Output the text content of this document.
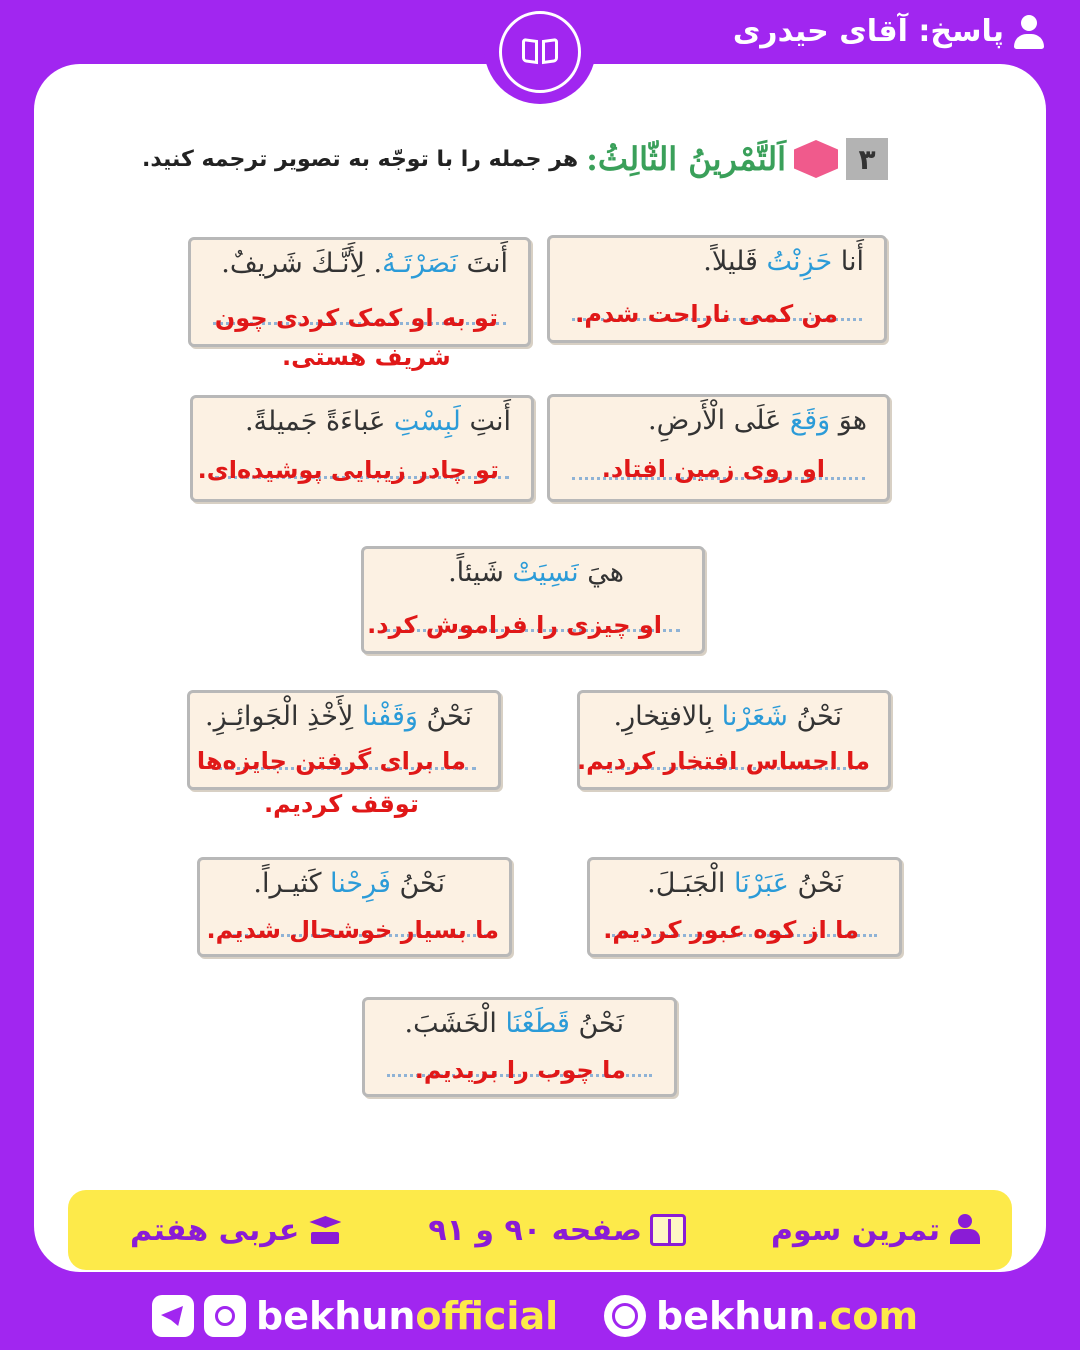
پاسخ: آقای حیدری
۳
اَلتَّمْرينُ الثّالِثُ:
هر جمله را با توجّه به تصویر ترجمه کنید.
أَنا حَزِنْتُ قَليلاً.
من کمی ناراحت شدم.
أَنتَ نَصَرْتَـهُ. لِأَنَّـكَ شَريفٌ.
تو به او کمک کردی چون
شریف هستی.
هوَ وَقَعَ عَلَى الْأَرضِ.
او روی زمین افتاد.
أَنتِ لَبِسْتِ عَباءَةً جَميلةً.
تو چادر زیبایی پوشیده‌ای.
هيَ نَسِيَتْ شَيئاً.
او چیزی را فراموش کرد.
نَحْنُ شَعَرْنا بِالافتِخارِ.
ما احساس افتخار کردیم.
نَحْنُ وَقَفْنا لِأَخْذِ الْجَوائِـزِ.
ما برای گرفتن جایزه‌ها
توقف کردیم.
نَحْنُ عَبَرْنَا الْجَبَـلَ.
ما از کوه عبور کردیم.
نَحْنُ فَرِحْنا كَثيـراً.
ما بسیار خوشحال شدیم.
نَحْنُ قَطَعْنَا الْخَشَبَ.
ما چوب را بریدیم.
تمرین سوم
صفحه ۹۰ و ۹۱
عربی هفتم
bekhunofficial	bekhun.com
